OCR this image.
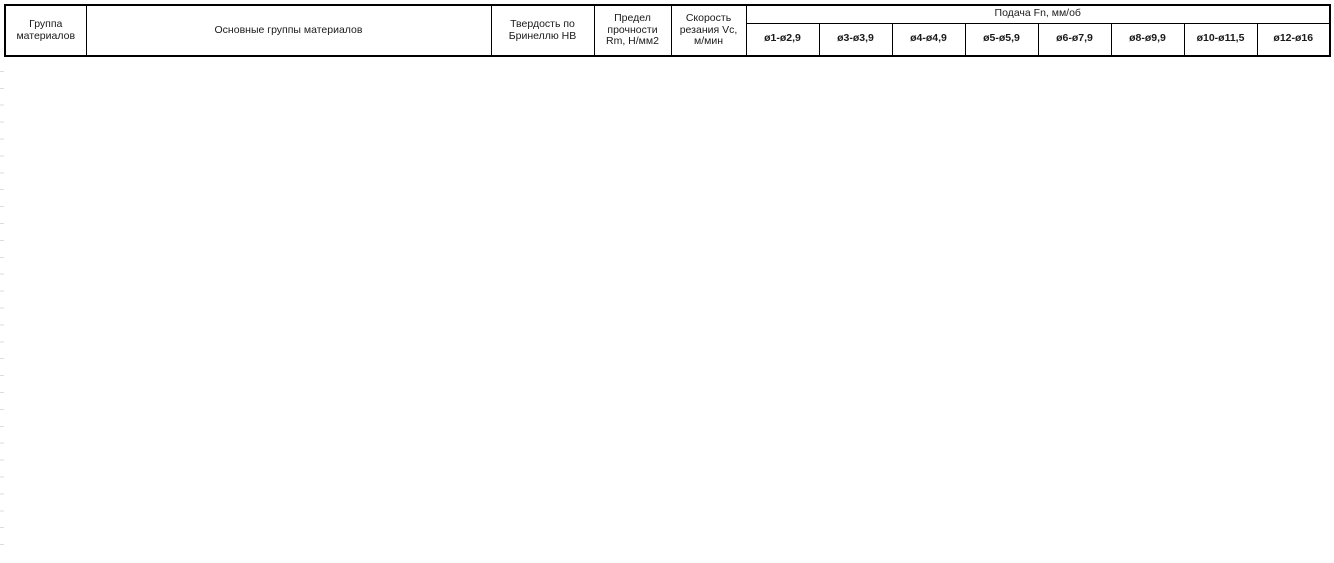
Группа материалов	Основные группы материалов	Твердость по Бринеллю HB	Предел прочности Rm, Н/мм2	Скорость резания Vc, м/мин	Подача Fn, мм/об							
					ø1-ø2,9	ø3-ø3,9	ø4-ø4,9	ø5-ø5,9	ø6-ø7,9	ø8-ø9,9	ø10-ø11,5	ø12-ø16
